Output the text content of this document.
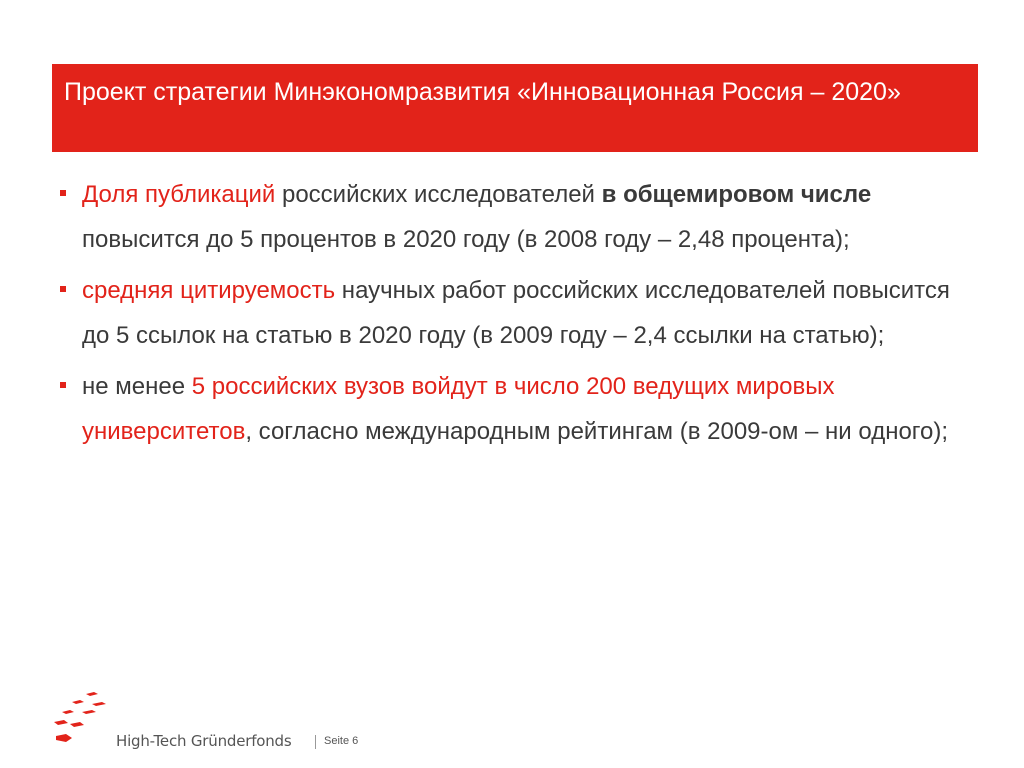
Проект стратегии Минэкономразвития «Инновационная Россия – 2020»
Доля публикаций российских исследователей в общемировом числе повысится до 5 процентов в 2020 году (в 2008 году – 2,48 процента);
средняя цитируемость научных работ российских исследователей повысится до 5 ссылок на статью в 2020 году (в 2009 году – 2,4 ссылки на статью);
не менее 5 российских вузов войдут в число 200 ведущих мировых университетов, согласно международным рейтингам (в 2009-ом – ни одного);
High-Tech Gründerfonds	Seite 6
